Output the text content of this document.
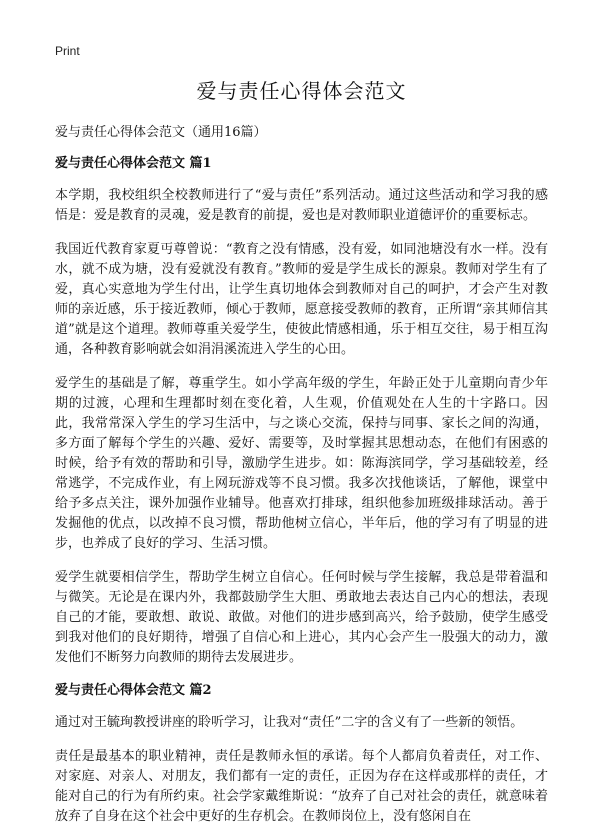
Print
爱与责任心得体会范文
爱与责任心得体会范文（通用16篇）
爱与责任心得体会范文 篇1

本学期，我校组织全校教师进行了“爱与责任”系列活动。通过这些活动和学习我的感悟是：爱是教育的灵魂，爱是教育的前提，爱也是对教师职业道德评价的重要标志。

我国近代教育家夏丏尊曾说：“教育之没有情感，没有爱，如同池塘没有水一样。没有水，就不成为塘，没有爱就没有教育。”教师的爱是学生成长的源泉。教师对学生有了爱，真心实意地为学生付出，让学生真切地体会到教师对自己的呵护，才会产生对教师的亲近感，乐于接近教师，倾心于教师，愿意接受教师的教育，正所谓“亲其师信其道”就是这个道理。教师尊重关爱学生，使彼此情感相通，乐于相互交往，易于相互沟通，各种教育影响就会如涓涓溪流进入学生的心田。

爱学生的基础是了解，尊重学生。如小学高年级的学生，年龄正处于儿童期向青少年期的过渡，心理和生理都时刻在变化着，人生观，价值观处在人生的十字路口。因此，我常常深入学生的学习生活中，与之谈心交流，保持与同事、家长之间的沟通，多方面了解每个学生的兴趣、爱好、需要等，及时掌握其思想动态，在他们有困惑的时候，给予有效的帮助和引导，激励学生进步。如：陈海滨同学，学习基础较差，经常逃学，不完成作业，有上网玩游戏等不良习惯。我多次找他谈话，了解他，课堂中给予多点关注，课外加强作业辅导。他喜欢打排球，组织他参加班级排球活动。善于发掘他的优点，以改掉不良习惯，帮助他树立信心，半年后，他的学习有了明显的进步，也养成了良好的学习、生活习惯。

爱学生就要相信学生，帮助学生树立自信心。任何时候与学生接解，我总是带着温和与微笑。无论是在课内外，我都鼓励学生大胆、勇敢地去表达自己内心的想法，表现自己的才能，要敢想、敢说、敢做。对他们的进步感到高兴，给予鼓励，使学生感受到我对他们的良好期待，增强了自信心和上进心，其内心会产生一股强大的动力，激发他们不断努力向教师的期待去发展进步。

爱与责任心得体会范文 篇2

通过对王毓珣教授讲座的聆听学习，让我对“责任”二字的含义有了一些新的领悟。

责任是最基本的职业精神，责任是教师永恒的承诺。每个人都肩负着责任，对工作、对家庭、对亲人、对朋友，我们都有一定的责任，正因为存在这样或那样的责任，才能对自己的行为有所约束。社会学家戴维斯说：“放弃了自己对社会的责任，就意味着放弃了自身在这个社会中更好的生存机会。在教师岗位上，没有悠闲自在
